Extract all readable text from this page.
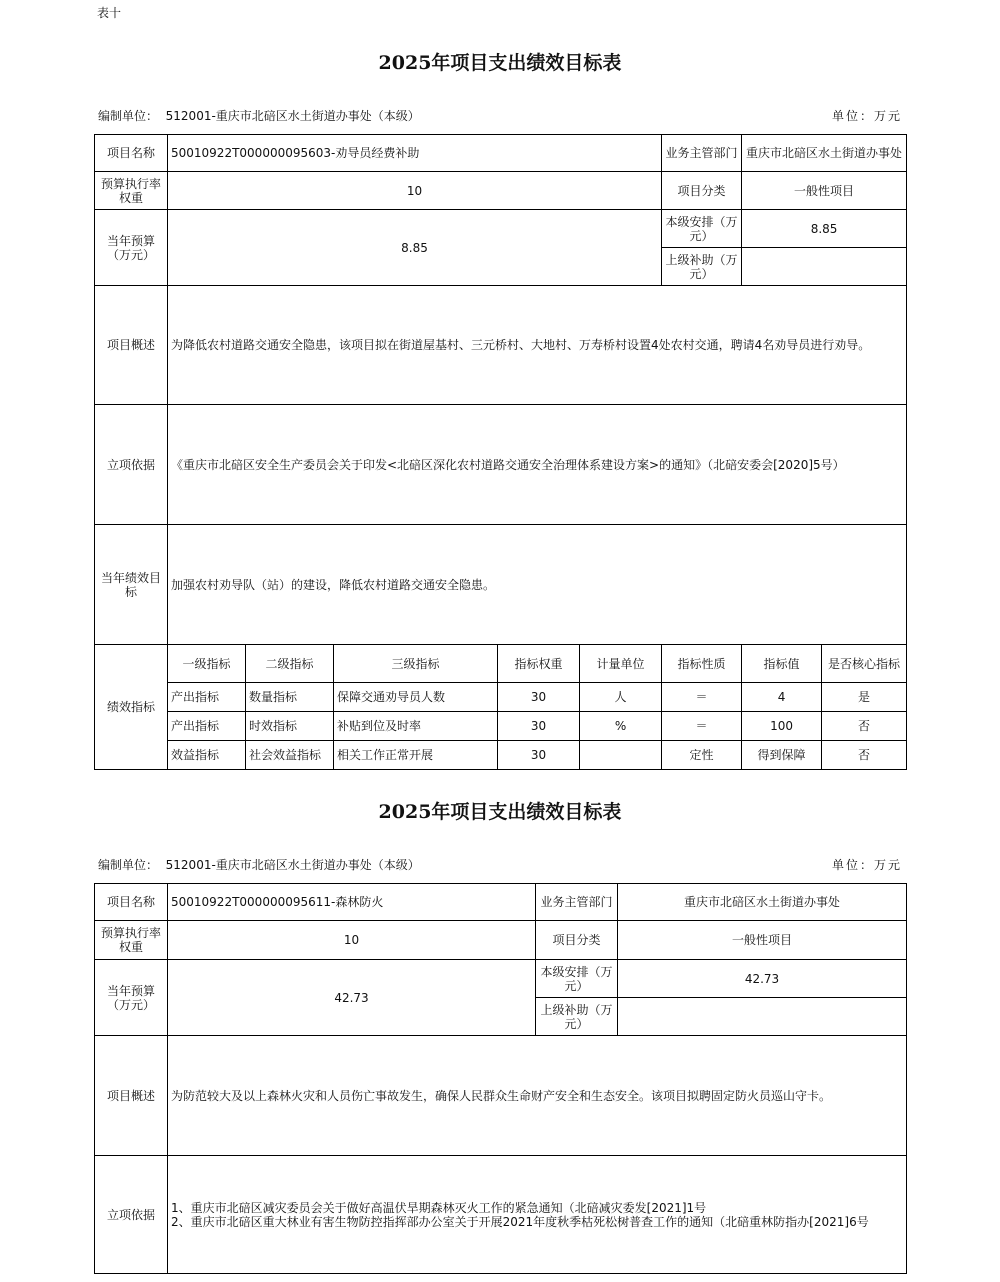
表十
2025年项目支出绩效目标表
编制单位： 512001-重庆市北碚区水土街道办事处（本级）	单位：万元
项目名称	50010922T000000095603-劝导员经费补助					业务主管部门	重庆市北碚区水土街道办事处	
预算执行率权重	10					项目分类	一般性项目	
当年预算（万元）	8.85					本级安排（万元）	8.85	
						上级补助（万元）		
项目概述	为降低农村道路交通安全隐患，该项目拟在街道屋基村、三元桥村、大地村、万寿桥村设置4处农村交通，聘请4名劝导员进行劝导。							
立项依据	《重庆市北碚区安全生产委员会关于印发<北碚区深化农村道路交通安全治理体系建设方案>的通知》（北碚安委会[2020]5号）							
当年绩效目标	加强农村劝导队（站）的建设，降低农村道路交通安全隐患。							
绩效指标	一级指标	二级指标	三级指标	指标权重	计量单位	指标性质	指标值	是否核心指标
	产出指标	数量指标	保障交通劝导员人数	30	人	＝	4	是
	产出指标	时效指标	补贴到位及时率	30	%	＝	100	否
	效益指标	社会效益指标	相关工作正常开展	30		定性	得到保障	否
2025年项目支出绩效目标表
编制单位： 512001-重庆市北碚区水土街道办事处（本级）	单位：万元
项目名称	50010922T000000095611-森林防火	业务主管部门	重庆市北碚区水土街道办事处
预算执行率权重	10	项目分类	一般性项目
当年预算（万元）	42.73	本级安排（万元）	42.73
		上级补助（万元）	
项目概述	为防范较大及以上森林火灾和人员伤亡事故发生，确保人民群众生命财产安全和生态安全。该项目拟聘固定防火员巡山守卡。		
立项依据	1、重庆市北碚区减灾委员会关于做好高温伏旱期森林灭火工作的紧急通知（北碚减灾委发[2021]1号
2、重庆市北碚区重大林业有害生物防控指挥部办公室关于开展2021年度秋季枯死松树普查工作的通知（北碚重林防指办[2021]6号		
